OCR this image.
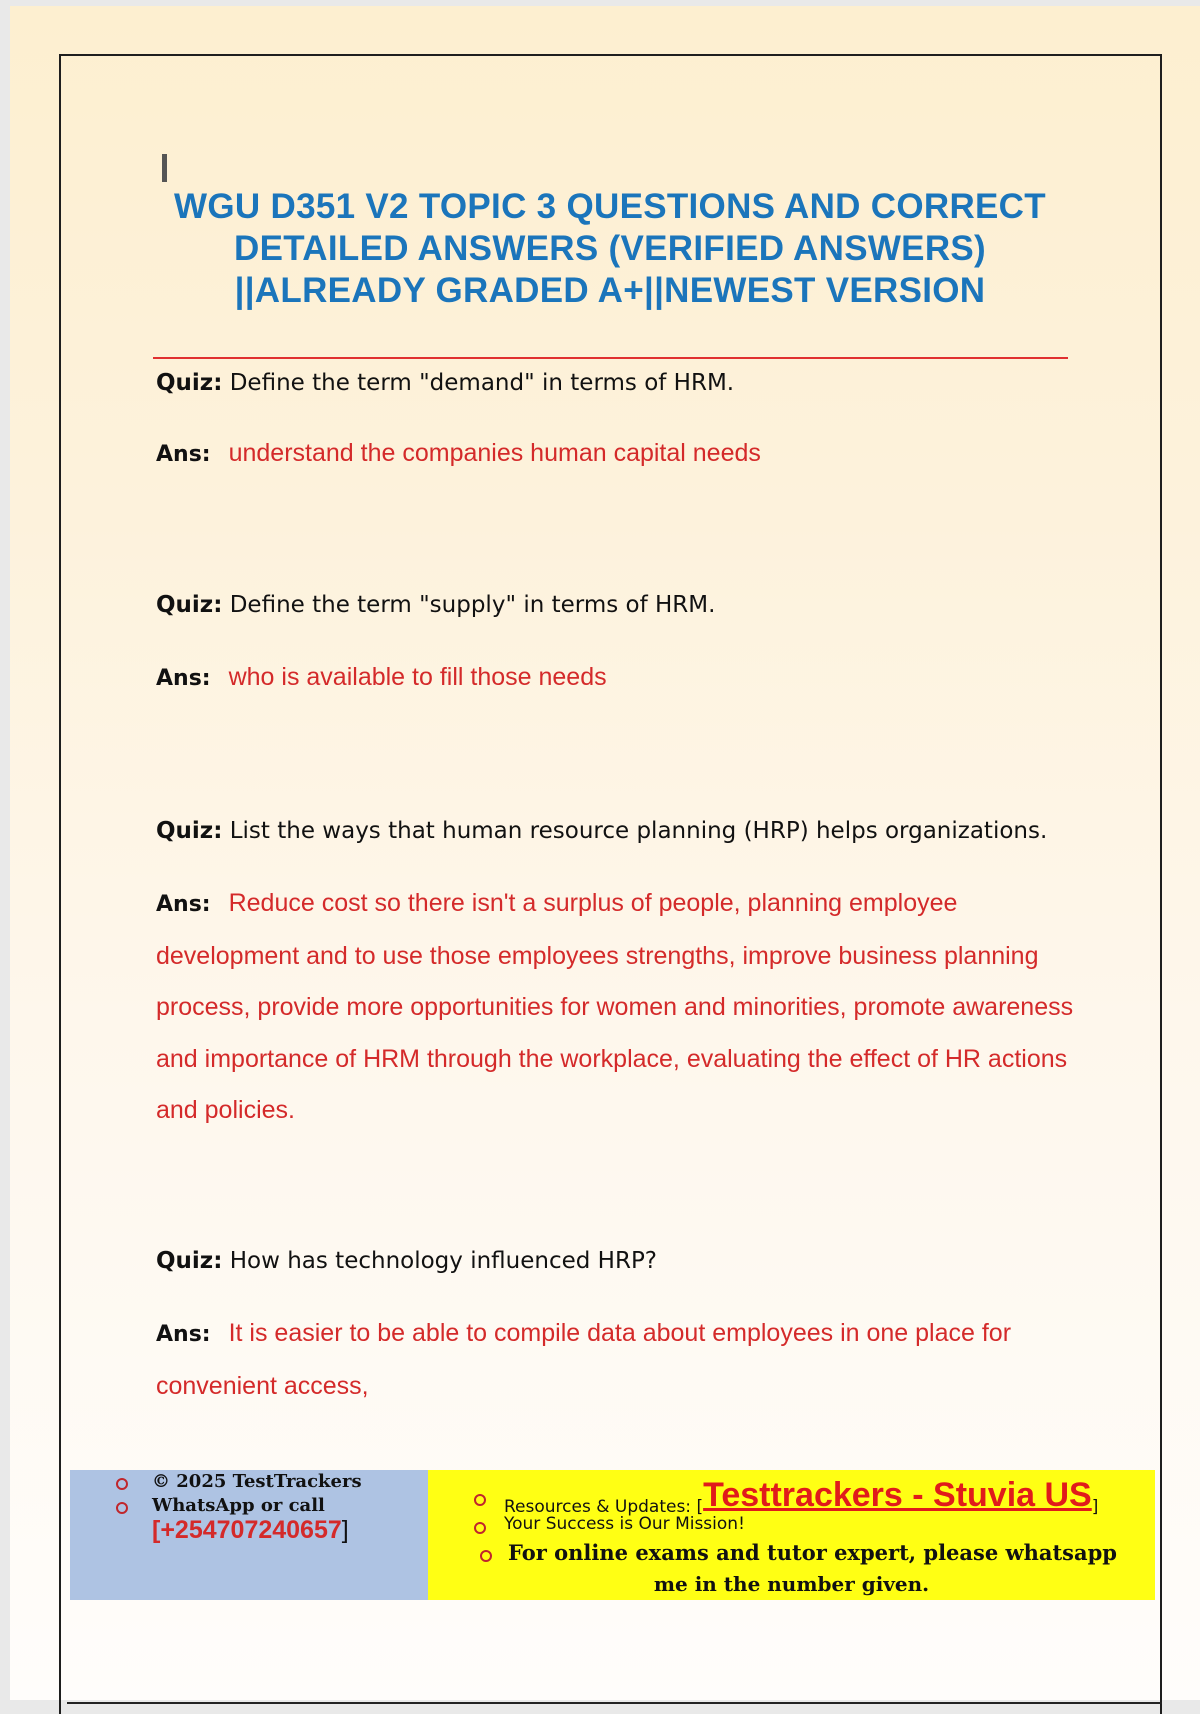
WGU D351 V2 TOPIC 3 QUESTIONS AND CORRECT DETAILED ANSWERS (VERIFIED ANSWERS) ||ALREADY GRADED A+||NEWEST VERSION

Quiz: Define the term "demand" in terms of HRM.

Ans: understand the companies human capital needs

Quiz: Define the term "supply" in terms of HRM.

Ans: who is available to fill those needs

Quiz: List the ways that human resource planning (HRP) helps organizations.

Ans: Reduce cost so there isn't a surplus of people, planning employee development and to use those employees strengths, improve business planning process, provide more opportunities for women and minorities, promote awareness and importance of HRM through the workplace, evaluating the effect of HR actions and policies.

Quiz: How has technology influenced HRP?

Ans: It is easier to be able to compile data about employees in one place for convenient access,

© 2025 TestTrackers
WhatsApp or call
[+254707240657]
Resources & Updates: [Testtrackers - Stuvia US]
Your Success is Our Mission!
For online exams and tutor expert, please whatsapp
me in the number given.
